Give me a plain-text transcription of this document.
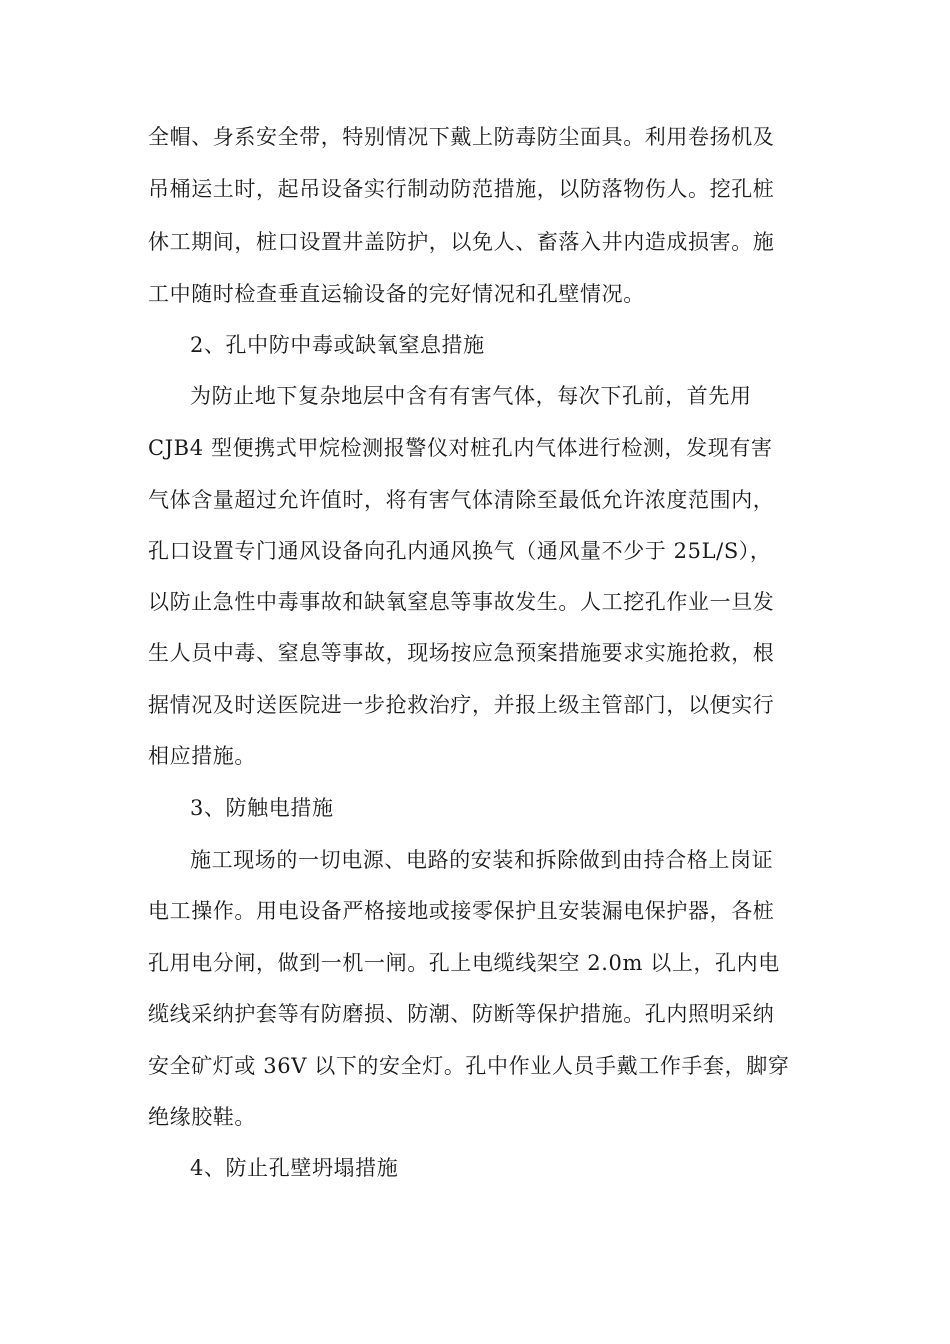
全帽、身系安全带，特别情况下戴上防毒防尘面具。利用卷扬机及
吊桶运土时，起吊设备实行制动防范措施，以防落物伤人。挖孔桩
休工期间，桩口设置井盖防护，以免人、畜落入井内造成损害。施
工中随时检查垂直运输设备的完好情况和孔壁情况。
2、孔中防中毒或缺氧窒息措施
为防止地下复杂地层中含有有害气体，每次下孔前，首先用
CJB4 型便携式甲烷检测报警仪对桩孔内气体进行检测，发现有害
气体含量超过允许值时，将有害气体清除至最低允许浓度范围内，
孔口设置专门通风设备向孔内通风换气（通风量不少于 25L/S），
以防止急性中毒事故和缺氧窒息等事故发生。人工挖孔作业一旦发
生人员中毒、窒息等事故，现场按应急预案措施要求实施抢救，根
据情况及时送医院进一步抢救治疗，并报上级主管部门，以便实行
相应措施。
3、防触电措施
施工现场的一切电源、电路的安装和拆除做到由持合格上岗证
电工操作。用电设备严格接地或接零保护且安装漏电保护器，各桩
孔用电分闸，做到一机一闸。孔上电缆线架空 2.0m 以上，孔内电
缆线采纳护套等有防磨损、防潮、防断等保护措施。孔内照明采纳
安全矿灯或 36V 以下的安全灯。孔中作业人员手戴工作手套，脚穿
绝缘胶鞋。
4、防止孔壁坍塌措施
